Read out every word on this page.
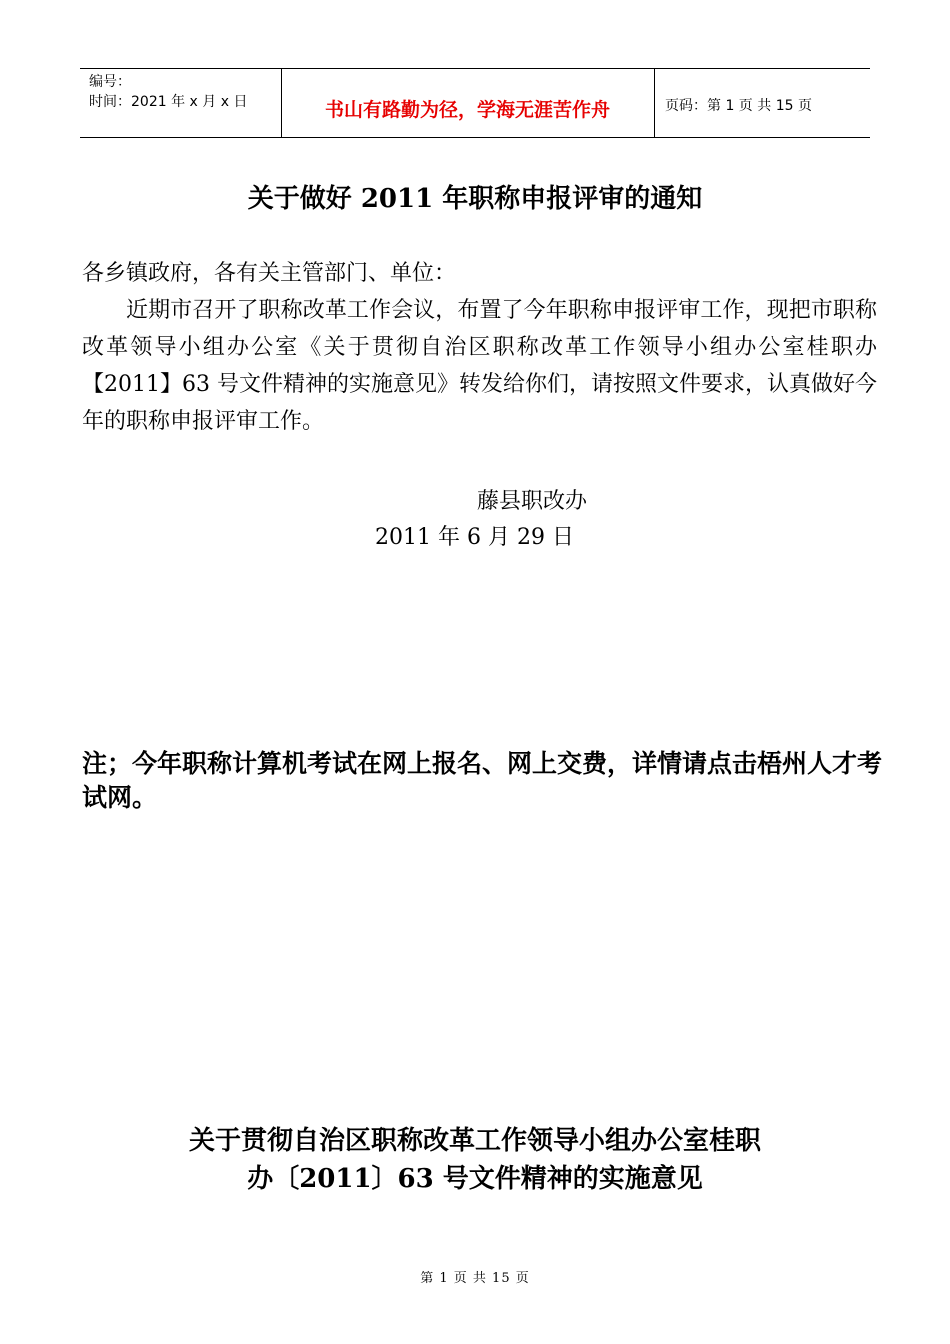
编号：
时间：2021 年 x 月 x 日	书山有路勤为径，学海无涯苦作舟	页码：第 1 页 共 15 页
关于做好 2011 年职称申报评审的通知
各乡镇政府，各有关主管部门、单位：
近期市召开了职称改革工作会议，布置了今年职称申报评审工作，现把市职称改革领导小组办公室《关于贯彻自治区职称改革工作领导小组办公室桂职办【2011】63 号文件精神的实施意见》转发给你们，请按照文件要求，认真做好今年的职称申报评审工作。
藤县职改办
2011 年 6 月 29 日
注；今年职称计算机考试在网上报名、网上交费，详情请点击梧州人才考试网。
关于贯彻自治区职称改革工作领导小组办公室桂职
办〔2011〕63 号文件精神的实施意见
第 1 页 共 15 页
